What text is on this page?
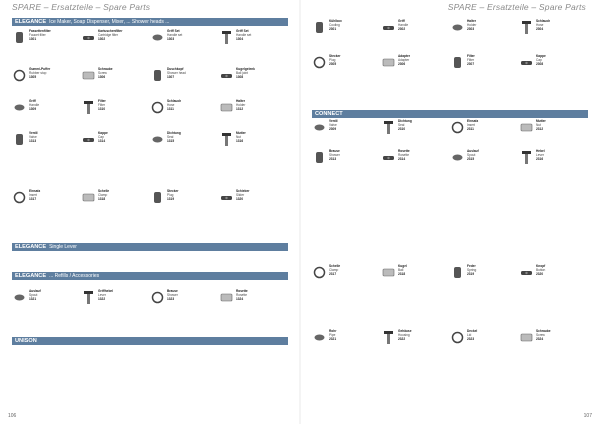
SPARE – Ersatzteile – Spare Parts
ELEGANCE Ice Maker, Soap Dispenser, Mixer, ... Shower heads ...
ELEGANCE Single Lever
ELEGANCE ... Refills / Accessories
UNISON
Fassettenfilter
Faucet filter
1301
Kartuschenfilter
Cartridge filter
1302
Griff Set
Handle set
1303
Griff Set
Handle set
1304
Gummi-Puffer
Rubber stop
1305
Schraube
Screw
1306
Duschkopf
Shower head
1307
Kugelgelenk
Ball joint
1308
Griff
Handle
1309
Filter
Filter
1310
Schlauch
Hose
1311
Halter
Holder
1312
Ventil
Valve
1313
Kappe
Cap
1314
Dichtung
Seal
1315
Mutter
Nut
1316
Einsatz
Insert
1317
Schelle
Clamp
1318
Stecker
Plug
1319
Schieber
Slider
1320
Auslauf
Spout
1321
Griffhebel
Lever
1322
Brause
Shower
1323
Rosette
Rosette
1324
106
SPARE – Ersatzteile – Spare Parts
CONNECT
Kühlbox
Cooling
2301
Griff
Handle
2302
Halter
Holder
2303
Schlauch
Hose
2304
Stecker
Plug
2305
Adapter
Adapter
2306
Filter
Filter
2307
Kappe
Cap
2308
Ventil
Valve
2309
Dichtung
Seal
2310
Einsatz
Insert
2311
Mutter
Nut
2312
Brause
Shower
2313
Rosette
Rosette
2314
Auslauf
Spout
2315
Hebel
Lever
2316
Schelle
Clamp
2317
Kugel
Ball
2318
Feder
Spring
2319
Knopf
Button
2320
Rohr
Pipe
2321
Gehäuse
Housing
2322
Deckel
Lid
2323
Schraube
Screw
2324
107
